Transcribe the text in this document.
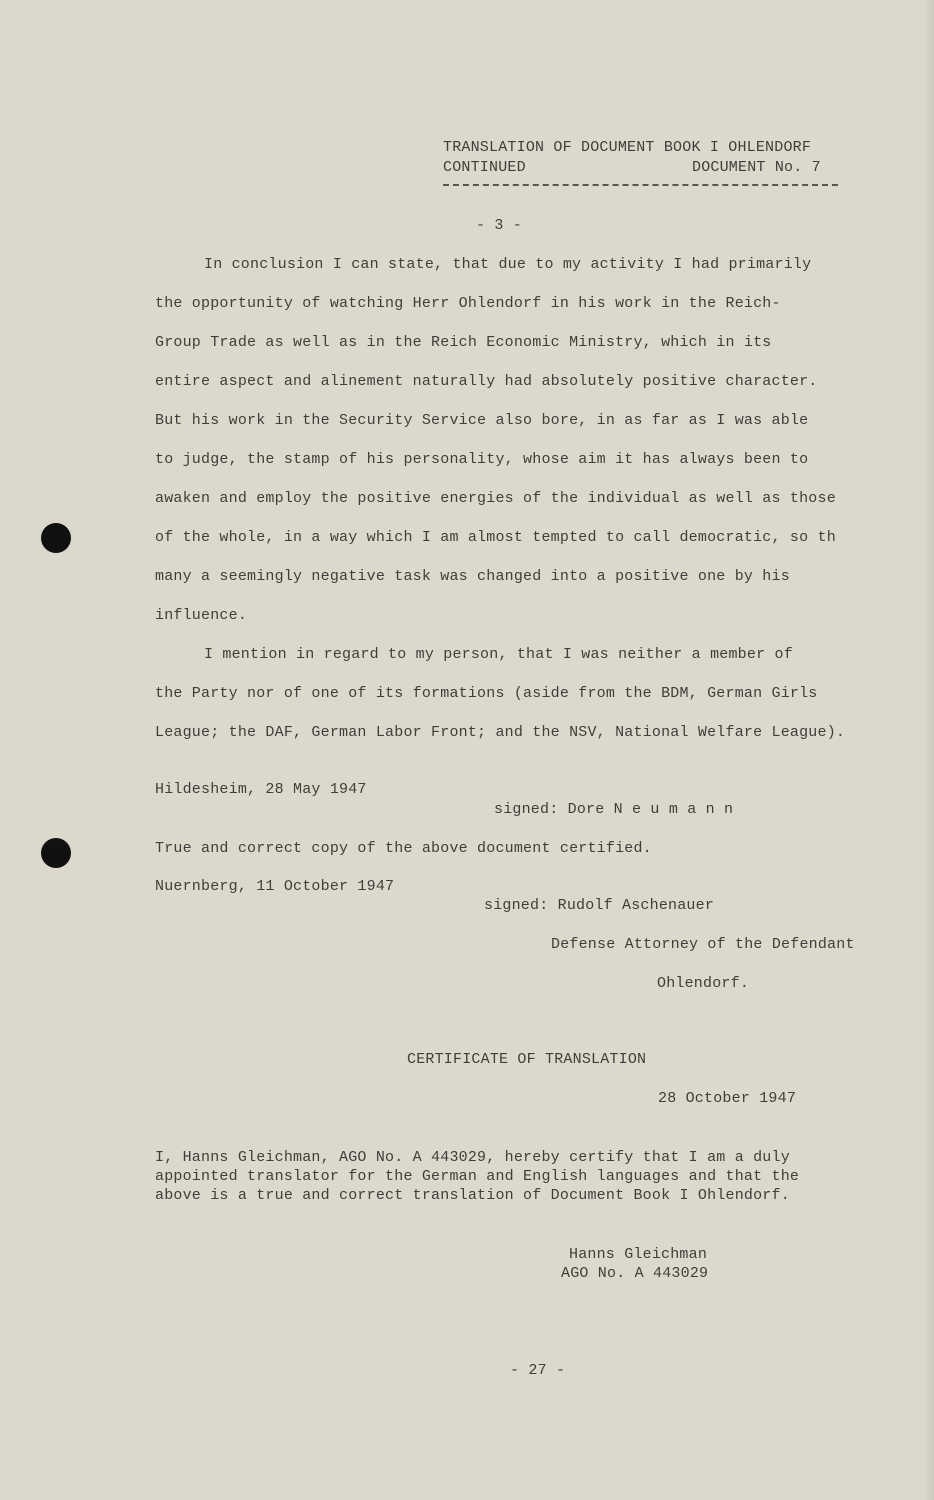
TRANSLATION OF DOCUMENT BOOK I OHLENDORF
CONTINUED	DOCUMENT No. 7
- 3 -
In conclusion I can state, that due to my activity I had primarily
the opportunity of watching Herr Ohlendorf in his work in the Reich-
Group Trade as well as in the Reich Economic Ministry, which in its
entire aspect and alinement naturally had absolutely positive character.
But his work in the Security Service also bore, in as far as I was able
to judge, the stamp of his personality, whose aim it has always been to
awaken and employ the positive energies of the individual as well as those
of the whole, in a way which I am almost tempted to call democratic, so th
many a seemingly negative task was changed into a positive one by his
influence.
I mention in regard to my person, that I was neither a member of
the Party nor of one of its formations (aside from the BDM, German Girls
League; the DAF, German Labor Front; and the NSV, National Welfare League).
Hildesheim, 28 May 1947
signed: Dore N e u m a n n
True and correct copy of the above document certified.
Nuernberg, 11 October 1947
signed: Rudolf Aschenauer
Defense Attorney of the Defendant
Ohlendorf.
CERTIFICATE OF TRANSLATION
28 October 1947
I, Hanns Gleichman, AGO No. A 443029, hereby certify that I am a duly
appointed translator for the German and English languages and that the
above is a true and correct translation of Document Book I Ohlendorf.
Hanns Gleichman
AGO No. A 443029
- 27 -
